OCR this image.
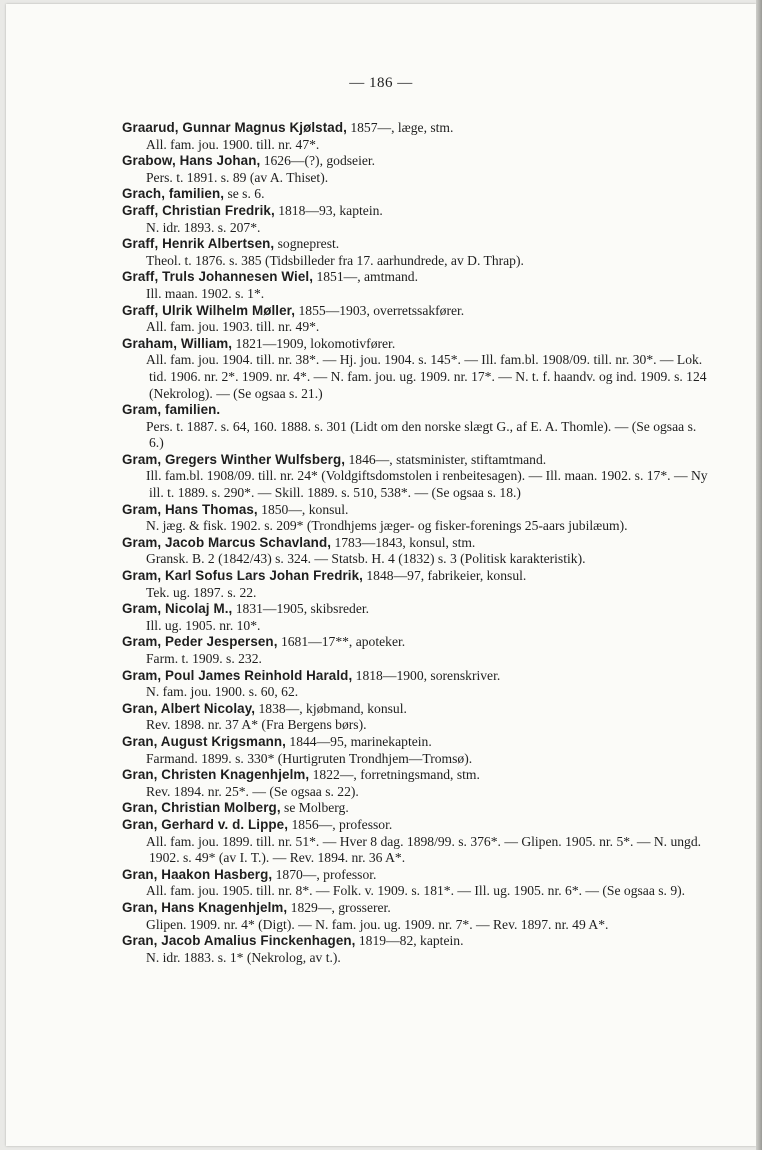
— 186 —

Graarud, Gunnar Magnus Kjølstad, 1857—, læge, stm.

All. fam. jou. 1900. till. nr. 47*.

Grabow, Hans Johan, 1626—(?), godseier.

Pers. t. 1891. s. 89 (av A. Thiset).

Grach, familien, se s. 6.

Graff, Christian Fredrik, 1818—93, kaptein.

N. idr. 1893. s. 207*.

Graff, Henrik Albertsen, sogneprest.

Theol. t. 1876. s. 385 (Tidsbilleder fra 17. aarhundrede, av D. Thrap).

Graff, Truls Johannesen Wiel, 1851—, amtmand.

Ill. maan. 1902. s. 1*.

Graff, Ulrik Wilhelm Møller, 1855—1903, overretssakfører.

All. fam. jou. 1903. till. nr. 49*.

Graham, William, 1821—1909, lokomotivfører.

All. fam. jou. 1904. till. nr. 38*. — Hj. jou. 1904. s. 145*. — Ill. fam.bl. 1908/09. till. nr. 30*. — Lok. tid. 1906. nr. 2*. 1909. nr. 4*. — N. fam. jou. ug. 1909. nr. 17*. — N. t. f. haandv. og ind. 1909. s. 124 (Nekrolog). — (Se ogsaa s. 21.)

Gram, familien.

Pers. t. 1887. s. 64, 160. 1888. s. 301 (Lidt om den norske slægt G., af E. A. Thomle). — (Se ogsaa s. 6.)

Gram, Gregers Winther Wulfsberg, 1846—, statsminister, stiftamtmand.

Ill. fam.bl. 1908/09. till. nr. 24* (Voldgiftsdomstolen i renbeitesagen). — Ill. maan. 1902. s. 17*. — Ny ill. t. 1889. s. 290*. — Skill. 1889. s. 510, 538*. — (Se ogsaa s. 18.)

Gram, Hans Thomas, 1850—, konsul.

N. jæg. & fisk. 1902. s. 209* (Trondhjems jæger- og fisker-forenings 25-aars jubilæum).

Gram, Jacob Marcus Schavland, 1783—1843, konsul, stm.

Gransk. B. 2 (1842/43) s. 324. — Statsb. H. 4 (1832) s. 3 (Politisk karakteristik).

Gram, Karl Sofus Lars Johan Fredrik, 1848—97, fabrikeier, konsul.

Tek. ug. 1897. s. 22.

Gram, Nicolaj M., 1831—1905, skibsreder.

Ill. ug. 1905. nr. 10*.

Gram, Peder Jespersen, 1681—17**, apoteker.

Farm. t. 1909. s. 232.

Gram, Poul James Reinhold Harald, 1818—1900, sorenskriver.

N. fam. jou. 1900. s. 60, 62.

Gran, Albert Nicolay, 1838—, kjøbmand, konsul.

Rev. 1898. nr. 37 A* (Fra Bergens børs).

Gran, August Krigsmann, 1844—95, marinekaptein.

Farmand. 1899. s. 330* (Hurtigruten Trondhjem—Tromsø).

Gran, Christen Knagenhjelm, 1822—, forretningsmand, stm.

Rev. 1894. nr. 25*. — (Se ogsaa s. 22).

Gran, Christian Molberg, se Molberg.

Gran, Gerhard v. d. Lippe, 1856—, professor.

All. fam. jou. 1899. till. nr. 51*. — Hver 8 dag. 1898/99. s. 376*. — Glipen. 1905. nr. 5*. — N. ungd. 1902. s. 49* (av I. T.). — Rev. 1894. nr. 36 A*.

Gran, Haakon Hasberg, 1870—, professor.

All. fam. jou. 1905. till. nr. 8*. — Folk. v. 1909. s. 181*. — Ill. ug. 1905. nr. 6*. — (Se ogsaa s. 9).

Gran, Hans Knagenhjelm, 1829—, grosserer.

Glipen. 1909. nr. 4* (Digt). — N. fam. jou. ug. 1909. nr. 7*. — Rev. 1897. nr. 49 A*.

Gran, Jacob Amalius Finckenhagen, 1819—82, kaptein.

N. idr. 1883. s. 1* (Nekrolog, av t.).
